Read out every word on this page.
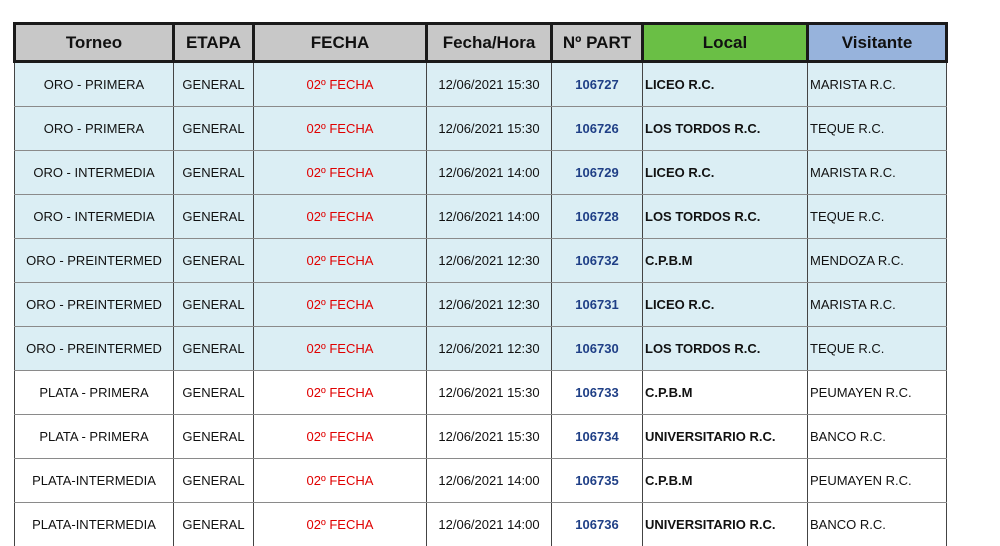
Torneo	ETAPA	FECHA	Fecha/Hora	Nº PART	Local	Visitante
ORO - PRIMERA	GENERAL	02º FECHA	12/06/2021 15:30	106727	LICEO R.C.	MARISTA R.C.
ORO - PRIMERA	GENERAL	02º FECHA	12/06/2021 15:30	106726	LOS TORDOS R.C.	TEQUE R.C.
ORO - INTERMEDIA	GENERAL	02º FECHA	12/06/2021 14:00	106729	LICEO R.C.	MARISTA R.C.
ORO - INTERMEDIA	GENERAL	02º FECHA	12/06/2021 14:00	106728	LOS TORDOS R.C.	TEQUE R.C.
ORO - PREINTERMED	GENERAL	02º FECHA	12/06/2021 12:30	106732	C.P.B.M	MENDOZA R.C.
ORO - PREINTERMED	GENERAL	02º FECHA	12/06/2021 12:30	106731	LICEO R.C.	MARISTA R.C.
ORO - PREINTERMED	GENERAL	02º FECHA	12/06/2021 12:30	106730	LOS TORDOS R.C.	TEQUE R.C.
PLATA - PRIMERA	GENERAL	02º FECHA	12/06/2021 15:30	106733	C.P.B.M	PEUMAYEN R.C.
PLATA - PRIMERA	GENERAL	02º FECHA	12/06/2021 15:30	106734	UNIVERSITARIO R.C.	BANCO R.C.
PLATA-INTERMEDIA	GENERAL	02º FECHA	12/06/2021 14:00	106735	C.P.B.M	PEUMAYEN R.C.
PLATA-INTERMEDIA	GENERAL	02º FECHA	12/06/2021 14:00	106736	UNIVERSITARIO R.C.	BANCO R.C.
